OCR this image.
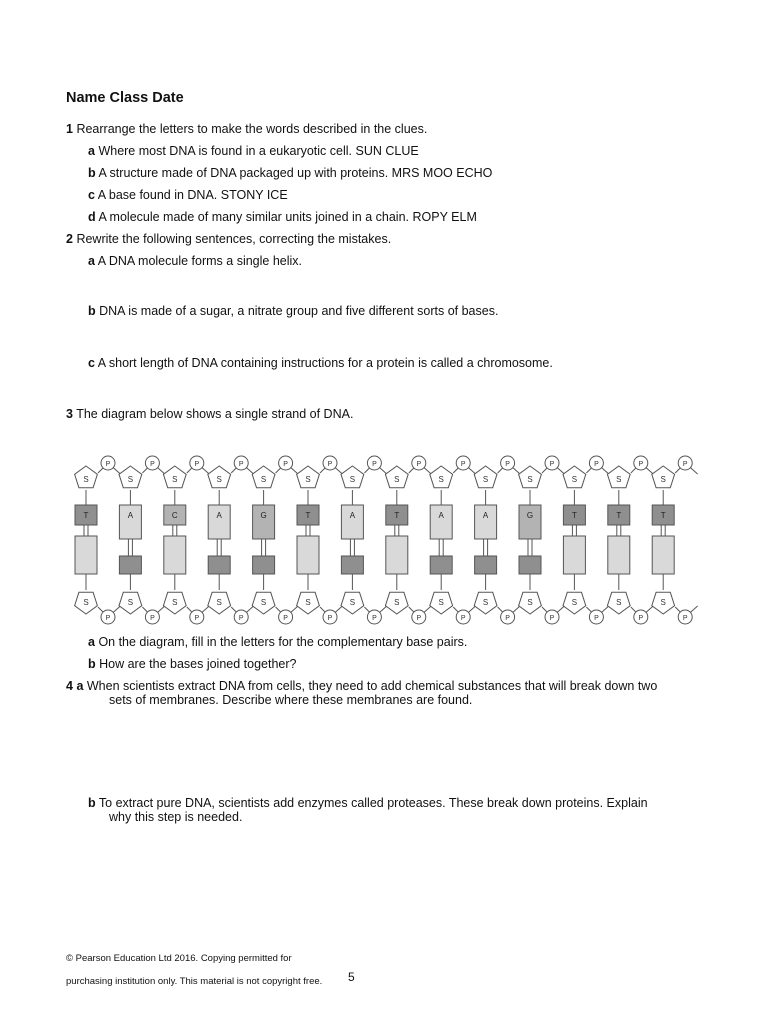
Name Class Date
1 Rearrange the letters to make the words described in the clues.
a Where most DNA is found in a eukaryotic cell. SUN CLUE
b A structure made of DNA packaged up with proteins. MRS MOO ECHO
c A base found in DNA. STONY ICE
d A molecule made of many similar units joined in a chain. ROPY ELM
2 Rewrite the following sentences, correcting the mistakes.
a A DNA molecule forms a single helix.
b DNA is made of a sugar, a nitrate group and five different sorts of bases.
c A short length of DNA containing instructions for a protein is called a chromosome.
3 The diagram below shows a single strand of DNA.
P
S
T
S
P
P
S
A
S
P
P
S
C
S
P
P
S
A
S
P
P
S
G
S
P
P
S
T
S
P
P
S
A
S
P
P
S
T
S
P
P
S
A
S
P
P
S
A
S
P
P
S
G
S
P
P
S
T
S
P
P
S
T
S
P
P
S
T
S
P
a On the diagram, fill in the letters for the complementary base pairs.
b How are the bases joined together?
4 a When scientists extract DNA from cells, they need to add chemical substances that will break down two
sets of membranes. Describe where these membranes are found.
b To extract pure DNA, scientists add enzymes called proteases. These break down proteins. Explain
why this step is needed.
© Pearson Education Ltd 2016. Copying permitted for
purchasing institution only. This material is not copyright free. 5
